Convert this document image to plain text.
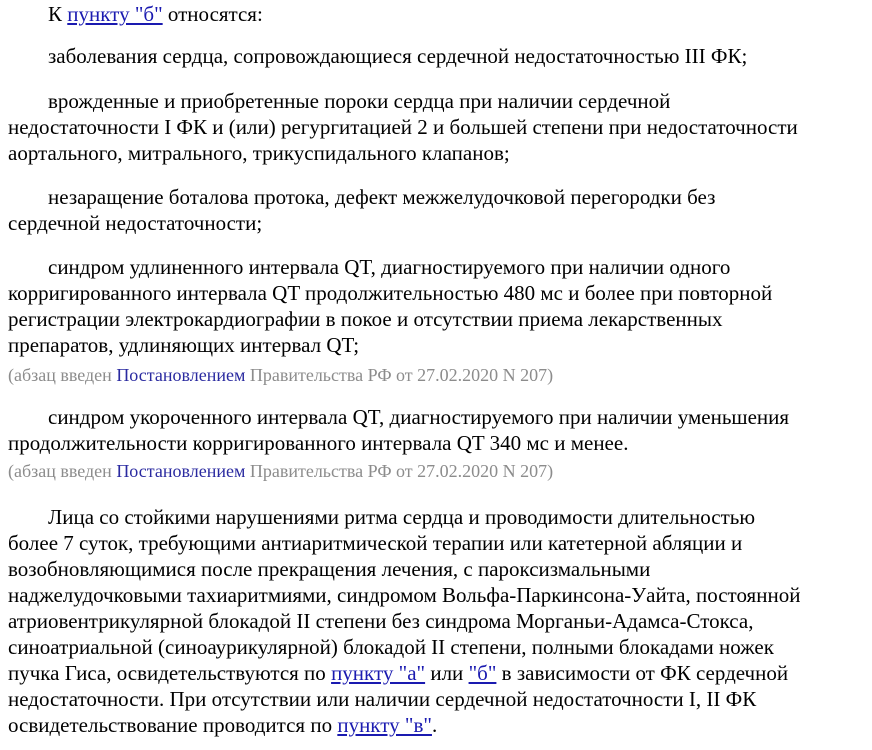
К пункту "б" относятся:

заболевания сердца, сопровождающиеся сердечной недостаточностью III ФК;

врожденные и приобретенные пороки сердца при наличии сердечной
недостаточности I ФК и (или) регургитацией 2 и большей степени при недостаточности
аортального, митрального, трикуспидального клапанов;

незаращение боталова протока, дефект межжелудочковой перегородки без
сердечной недостаточности;

синдром удлиненного интервала QT, диагностируемого при наличии одного
корригированного интервала QT продолжительностью 480 мс и более при повторной
регистрации электрокардиографии в покое и отсутствии приема лекарственных
препаратов, удлиняющих интервал QT;

(абзац введен Постановлением Правительства РФ от 27.02.2020 N 207)

синдром укороченного интервала QT, диагностируемого при наличии уменьшения
продолжительности корригированного интервала QT 340 мс и менее.

(абзац введен Постановлением Правительства РФ от 27.02.2020 N 207)

Лица со стойкими нарушениями ритма сердца и проводимости длительностью
более 7 суток, требующими антиаритмической терапии или катетерной абляции и
возобновляющимися после прекращения лечения, с пароксизмальными
наджелудочковыми тахиаритмиями, синдромом Вольфа-Паркинсона-Уайта, постоянной
атриовентрикулярной блокадой II степени без синдрома Морганьи-Адамса-Стокса,
синоатриальной (синоаурикулярной) блокадой II степени, полными блокадами ножек
пучка Гиса, освидетельствуются по пункту "а" или "б" в зависимости от ФК сердечной
недостаточности. При отсутствии или наличии сердечной недостаточности I, II ФК
освидетельствование проводится по пункту "в".
